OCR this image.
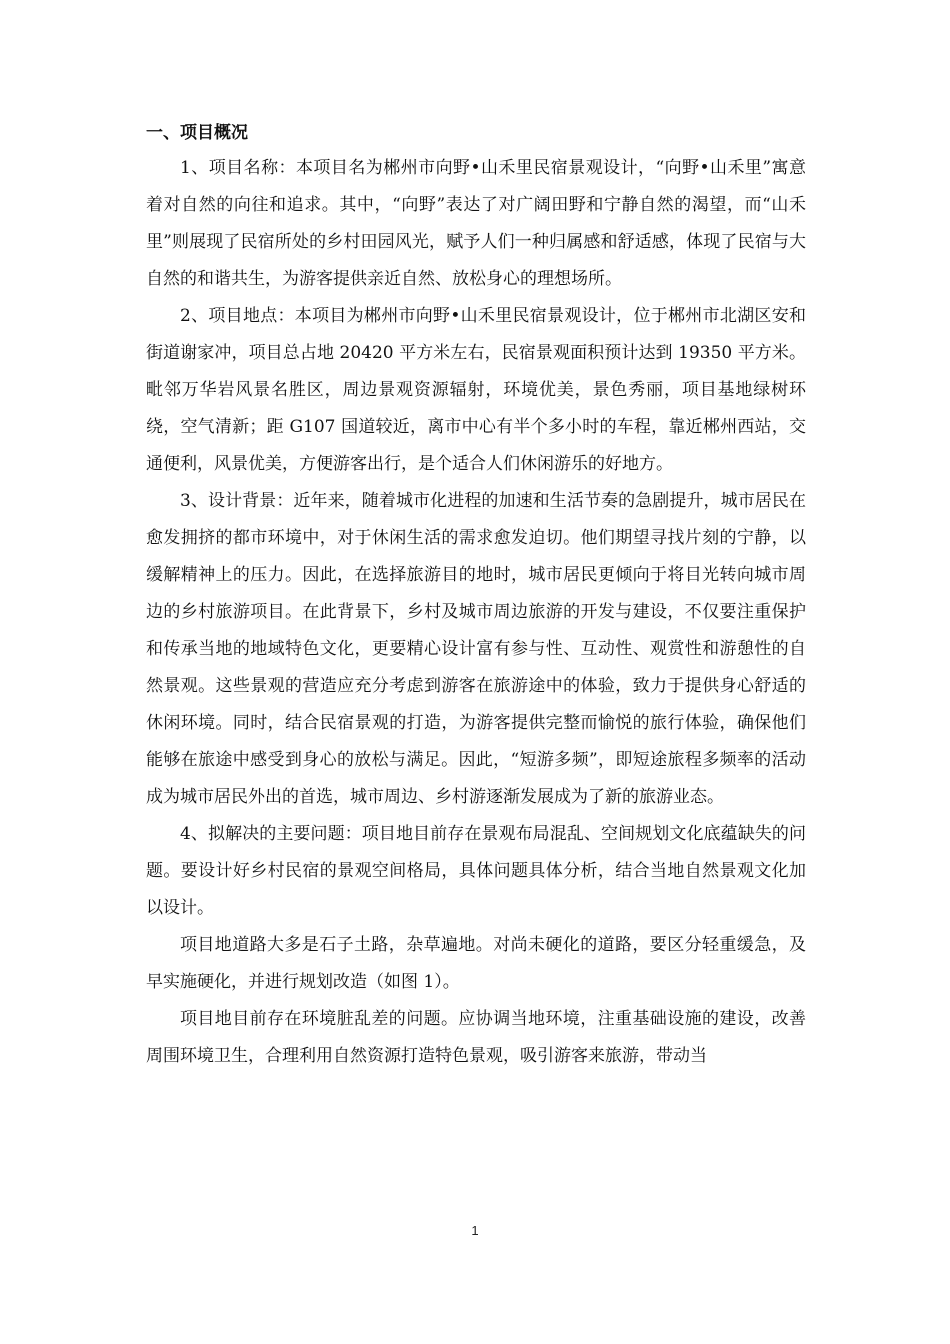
一、项目概况

1、项目名称：本项目名为郴州市向野•山禾里民宿景观设计，“向野•山禾里”寓意着对自然的向往和追求。其中，“向野”表达了对广阔田野和宁静自然的渴望，而“山禾里”则展现了民宿所处的乡村田园风光，赋予人们一种归属感和舒适感，体现了民宿与大自然的和谐共生，为游客提供亲近自然、放松身心的理想场所。

2、项目地点：本项目为郴州市向野•山禾里民宿景观设计，位于郴州市北湖区安和街道谢家冲，项目总占地 20420 平方米左右，民宿景观面积预计达到 19350 平方米。毗邻万华岩风景名胜区，周边景观资源辐射，环境优美，景色秀丽，项目基地绿树环绕，空气清新；距 G107 国道较近，离市中心有半个多小时的车程，靠近郴州西站，交通便利，风景优美，方便游客出行，是个适合人们休闲游乐的好地方。

3、设计背景：近年来，随着城市化进程的加速和生活节奏的急剧提升，城市居民在愈发拥挤的都市环境中，对于休闲生活的需求愈发迫切。他们期望寻找片刻的宁静，以缓解精神上的压力。因此，在选择旅游目的地时，城市居民更倾向于将目光转向城市周边的乡村旅游项目。在此背景下，乡村及城市周边旅游的开发与建设，不仅要注重保护和传承当地的地域特色文化，更要精心设计富有参与性、互动性、观赏性和游憩性的自然景观。这些景观的营造应充分考虑到游客在旅游途中的体验，致力于提供身心舒适的休闲环境。同时，结合民宿景观的打造，为游客提供完整而愉悦的旅行体验，确保他们能够在旅途中感受到身心的放松与满足。因此，“短游多频”，即短途旅程多频率的活动成为城市居民外出的首选，城市周边、乡村游逐渐发展成为了新的旅游业态。

4、拟解决的主要问题：项目地目前存在景观布局混乱、空间规划文化底蕴缺失的问题。要设计好乡村民宿的景观空间格局，具体问题具体分析，结合当地自然景观文化加以设计。

项目地道路大多是石子土路，杂草遍地。对尚未硬化的道路，要区分轻重缓急，及早实施硬化，并进行规划改造（如图 1）。

项目地目前存在环境脏乱差的问题。应协调当地环境，注重基础设施的建设，改善周围环境卫生，合理利用自然资源打造特色景观，吸引游客来旅游，带动当

1
